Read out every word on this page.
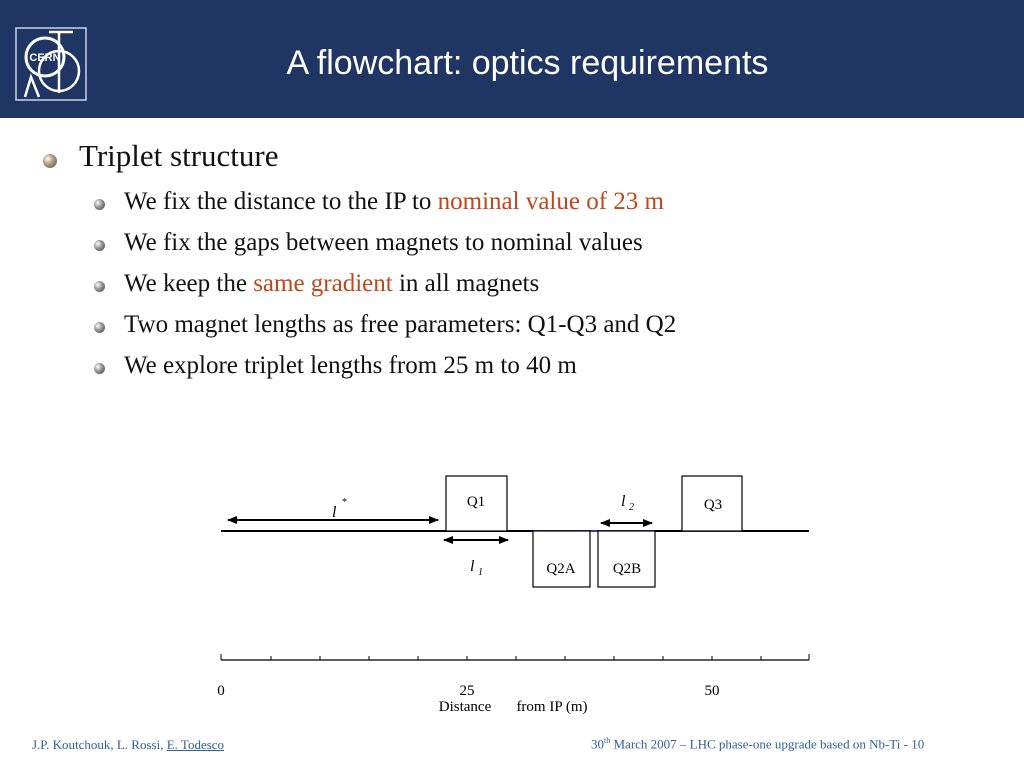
CERN	A flowchart: optics requirements
Triplet structure
We fix the distance to the IP to nominal value of 23 m
We fix the gaps between magnets to nominal values
We keep the same gradient in all magnets
Two magnet lengths as free parameters: Q1-Q3 and Q2
We explore triplet lengths from 25 m to 40 m
Q1
Q2A Q2B
Q3
l
*
l 1
l 2
0	25	50
Distance from IP (m)
J.P. Koutchouk, L. Rossi, E. Todesco	30th March 2007 – LHC phase-one upgrade based on Nb-Ti - 10
